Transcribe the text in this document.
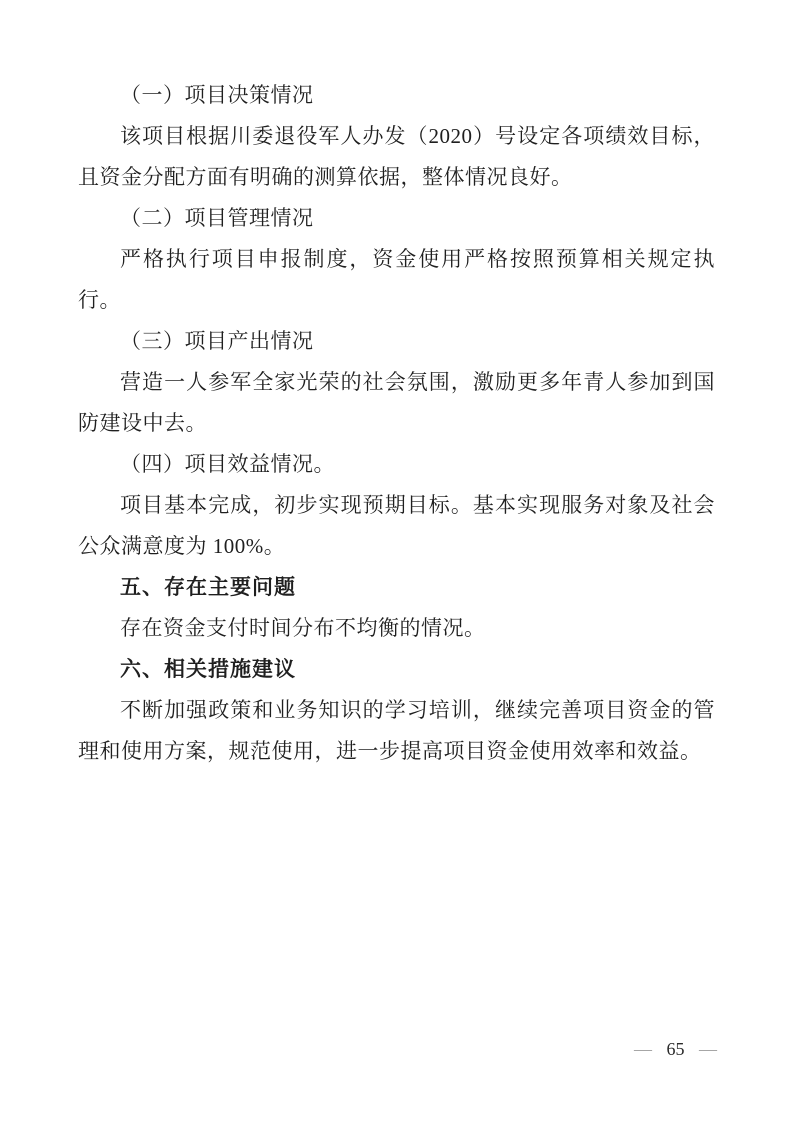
（一）项目决策情况

该项目根据川委退役军人办发（2020）号设定各项绩效目标，且资金分配方面有明确的测算依据，整体情况良好。

（二）项目管理情况

严格执行项目申报制度，资金使用严格按照预算相关规定执行。

（三）项目产出情况

营造一人参军全家光荣的社会氛围，激励更多年青人参加到国防建设中去。

（四）项目效益情况。

项目基本完成，初步实现预期目标。基本实现服务对象及社会公众满意度为 100%。

五、存在主要问题

存在资金支付时间分布不均衡的情况。

六、相关措施建议

不断加强政策和业务知识的学习培训，继续完善项目资金的管理和使用方案，规范使用，进一步提高项目资金使用效率和效益。

— 65 —
